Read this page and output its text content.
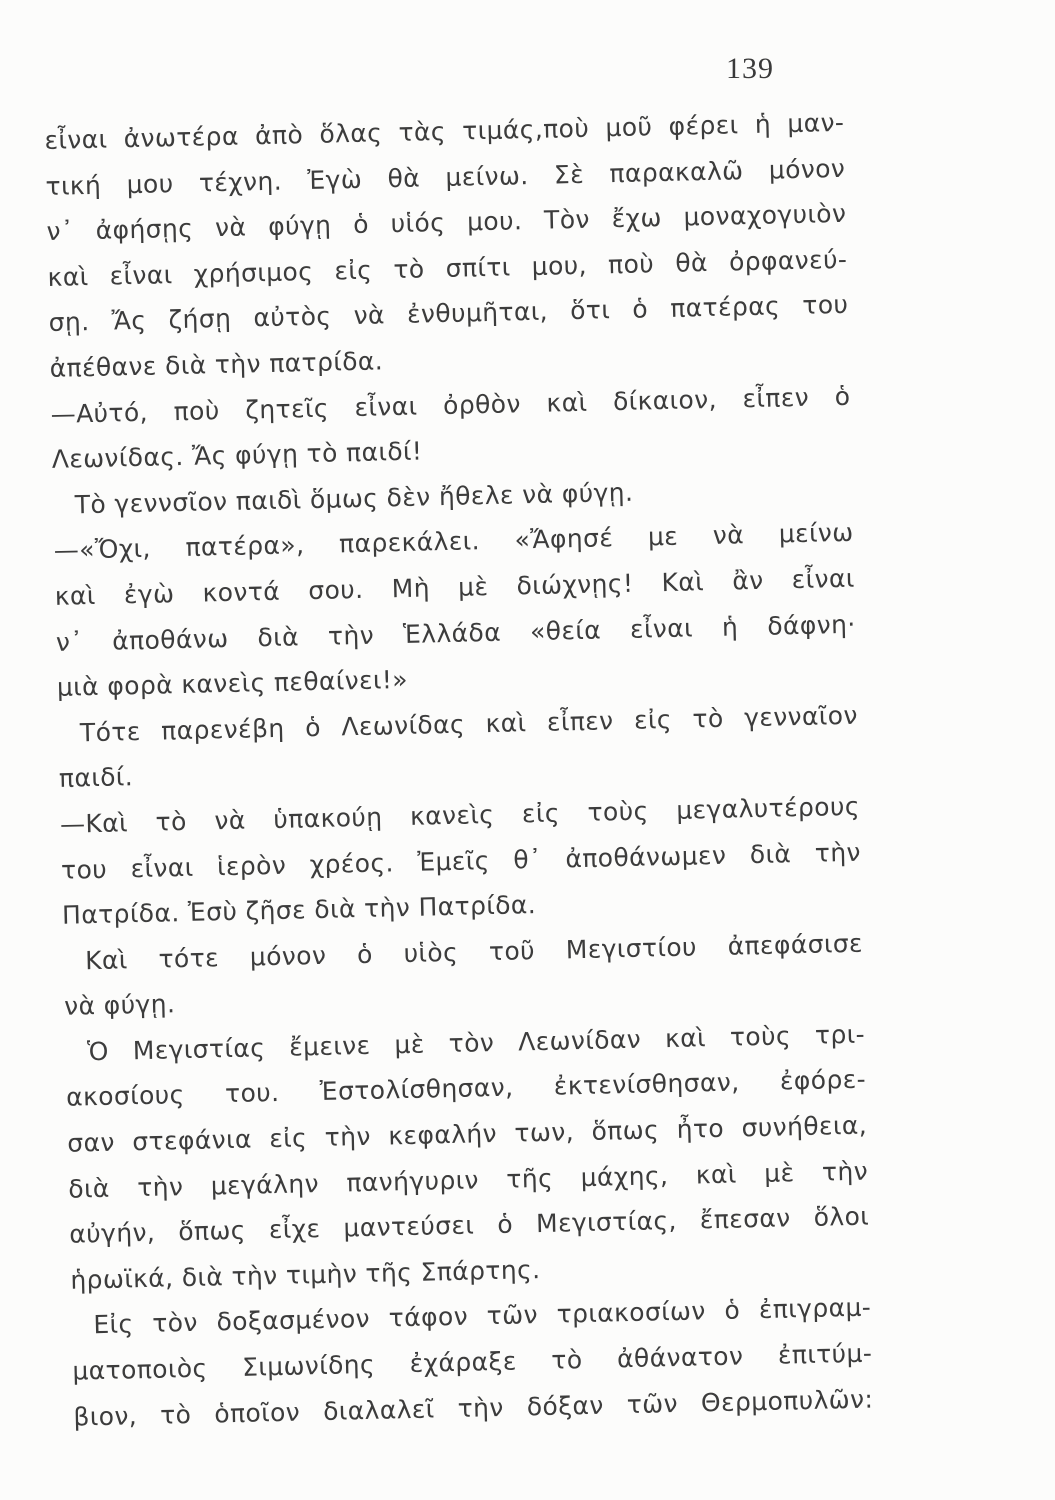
139
εἶναι ἀνωτέρα ἀπὸ ὅλας τὰς τιμάς,ποὺ μοῦ φέρει ἡ μαν-
τική μου τέχνη. Ἐγὼ θὰ μείνω. Σὲ παρακαλῶ μόνον
ν᾽ ἀφήσῃς νὰ φύγῃ ὁ υἱός μου. Τὸν ἔχω μοναχογυιὸν
καὶ εἶναι χρήσιμος εἰς τὸ σπίτι μου, ποὺ θὰ ὀρφανεύ-
σῃ. Ἄς ζήσῃ αὐτὸς νὰ ἐνθυμῆται, ὅτι ὁ πατέρας του
ἀπέθανε διὰ τὴν πατρίδα.
—Αὐτό, ποὺ ζητεῖς εἶναι ὀρθὸν καὶ δίκαιον, εἶπεν ὁ
Λεωνίδας. Ἄς φύγῃ τὸ παιδί!
Τὸ γεννσῖον παιδὶ ὅμως δὲν ἤθελε νὰ φύγῃ.
—«Ὄχι, πατέρα», παρεκάλει. «Ἄφησέ με νὰ μείνω
καὶ ἐγὼ κοντά σου. Μὴ μὲ διώχνῃς! Καὶ ἂν εἶναι
ν᾽ ἀποθάνω διὰ τὴν Ἑλλάδα «θεία εἶναι ἡ δάφνη·
μιὰ φορὰ κανεὶς πεθαίνει!»
Τότε παρενέβη ὁ Λεωνίδας καὶ εἶπεν εἰς τὸ γενναῖον
παιδί.
—Καὶ τὸ νὰ ὑπακούῃ κανεὶς εἰς τοὺς μεγαλυτέρους
του εἶναι ἱερὸν χρέος. Ἐμεῖς θ᾽ ἀποθάνωμεν διὰ τὴν
Πατρίδα. Ἐσὺ ζῆσε διὰ τὴν Πατρίδα.
Καὶ τότε μόνον ὁ υἱὸς τοῦ Μεγιστίου ἀπεφάσισε
νὰ φύγῃ.
Ὁ Μεγιστίας ἔμεινε μὲ τὸν Λεωνίδαν καὶ τοὺς τρι-
ακοσίους του. Ἐστολίσθησαν, ἐκτενίσθησαν, ἐφόρε-
σαν στεφάνια εἰς τὴν κεφαλήν των, ὅπως ἦτο συνήθεια,
διὰ τὴν μεγάλην πανήγυριν τῆς μάχης, καὶ μὲ τὴν
αὐγήν, ὅπως εἶχε μαντεύσει ὁ Μεγιστίας, ἔπεσαν ὅλοι
ἡρωϊκά, διὰ τὴν τιμὴν τῆς Σπάρτης.
Εἰς τὸν δοξασμένον τάφον τῶν τριακοσίων ὁ ἐπιγραμ-
ματοποιὸς Σιμωνίδης ἐχάραξε τὸ ἀθάνατον ἐπιτύμ-
βιον, τὸ ὁποῖον διαλαλεῖ τὴν δόξαν τῶν Θερμοπυλῶν:
